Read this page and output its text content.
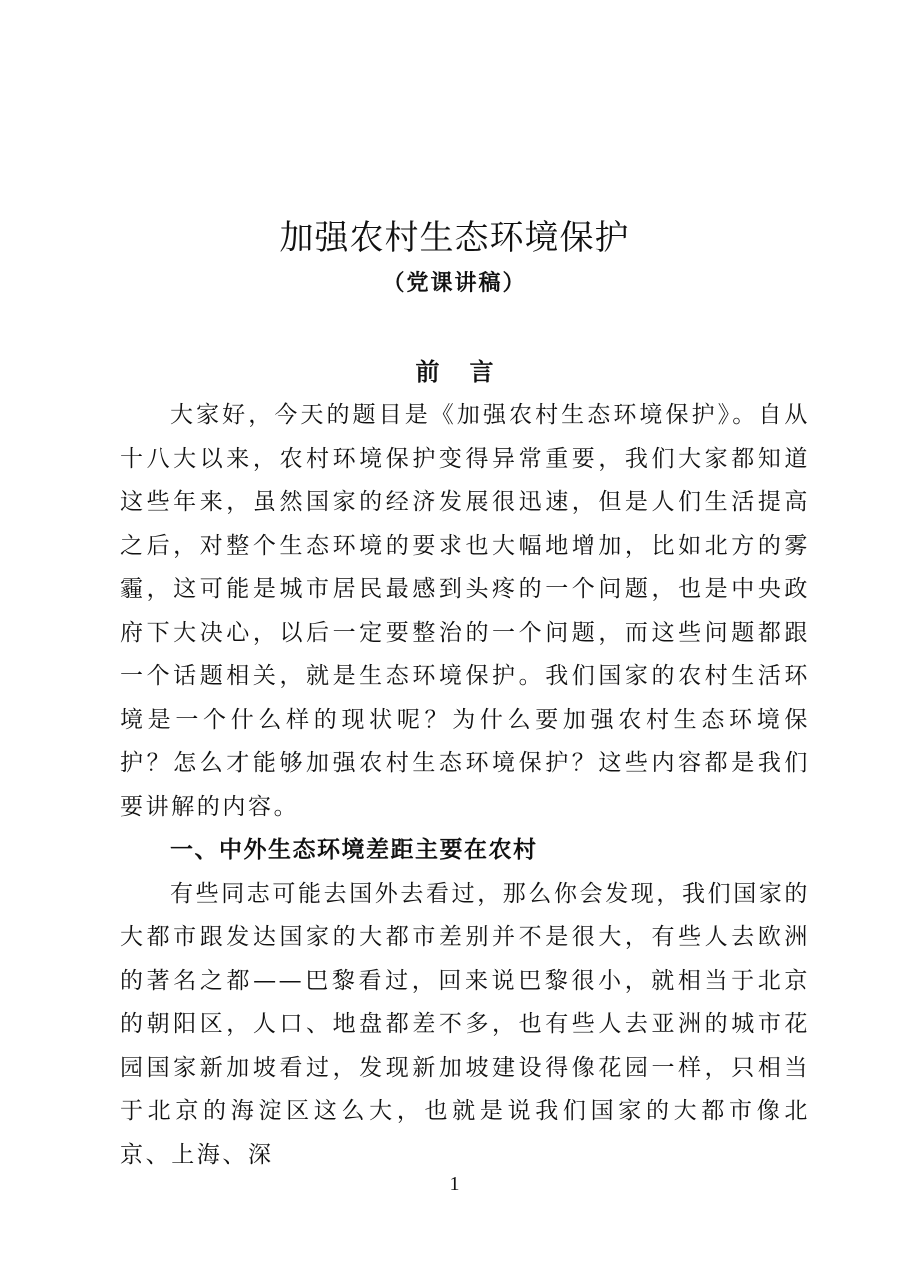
加强农村生态环境保护
（党课讲稿）
前言

大家好，今天的题目是《加强农村生态环境保护》。自从十八大以来，农村环境保护变得异常重要，我们大家都知道这些年来，虽然国家的经济发展很迅速，但是人们生活提高之后，对整个生态环境的要求也大幅地增加，比如北方的雾霾，这可能是城市居民最感到头疼的一个问题，也是中央政府下大决心，以后一定要整治的一个问题，而这些问题都跟一个话题相关，就是生态环境保护。我们国家的农村生活环境是一个什么样的现状呢？为什么要加强农村生态环境保护？怎么才能够加强农村生态环境保护？这些内容都是我们要讲解的内容。

一、中外生态环境差距主要在农村

有些同志可能去国外去看过，那么你会发现，我们国家的大都市跟发达国家的大都市差别并不是很大，有些人去欧洲的著名之都——巴黎看过，回来说巴黎很小，就相当于北京的朝阳区，人口、地盘都差不多，也有些人去亚洲的城市花园国家新加坡看过，发现新加坡建设得像花园一样，只相当于北京的海淀区这么大，也就是说我们国家的大都市像北京、上海、深

1
